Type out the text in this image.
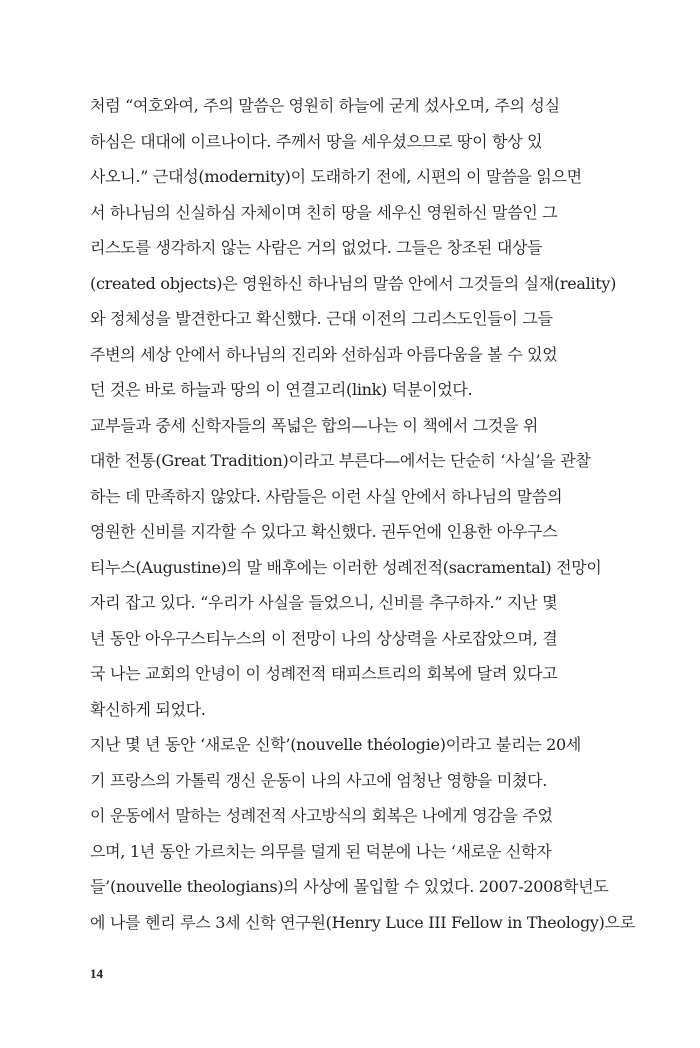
처럼 “여호와여, 주의 말씀은 영원히 하늘에 굳게 섰사오며, 주의 성실
하심은 대대에 이르나이다. 주께서 땅을 세우셨으므로 땅이 항상 있
사오니.” 근대성(modernity)이 도래하기 전에, 시편의 이 말씀을 읽으면
서 하나님의 신실하심 자체이며 친히 땅을 세우신 영원하신 말씀인 그
리스도를 생각하지 않는 사람은 거의 없었다. 그들은 창조된 대상들
(created objects)은 영원하신 하나님의 말씀 안에서 그것들의 실재(reality)
와 정체성을 발견한다고 확신했다. 근대 이전의 그리스도인들이 그들
주변의 세상 안에서 하나님의 진리와 선하심과 아름다움을 볼 수 있었
던 것은 바로 하늘과 땅의 이 연결고리(link) 덕분이었다.
교부들과 중세 신학자들의 폭넓은 합의—나는 이 책에서 그것을 위
대한 전통(Great Tradition)이라고 부른다—에서는 단순히 ‘사실’을 관찰
하는 데 만족하지 않았다. 사람들은 이런 사실 안에서 하나님의 말씀의
영원한 신비를 지각할 수 있다고 확신했다. 권두언에 인용한 아우구스
티누스(Augustine)의 말 배후에는 이러한 성례전적(sacramental) 전망이
자리 잡고 있다. “우리가 사실을 들었으니, 신비를 추구하자.” 지난 몇
년 동안 아우구스티누스의 이 전망이 나의 상상력을 사로잡았으며, 결
국 나는 교회의 안녕이 이 성례전적 태피스트리의 회복에 달려 있다고
확신하게 되었다.
지난 몇 년 동안 ‘새로운 신학’(nouvelle théologie)이라고 불리는 20세
기 프랑스의 가톨릭 갱신 운동이 나의 사고에 엄청난 영향을 미쳤다.
이 운동에서 말하는 성례전적 사고방식의 회복은 나에게 영감을 주었
으며, 1년 동안 가르치는 의무를 덜게 된 덕분에 나는 ‘새로운 신학자
들’(nouvelle theologians)의 사상에 몰입할 수 있었다. 2007-2008학년도
에 나를 헨리 루스 3세 신학 연구원(Henry Luce III Fellow in Theology)으로
14
